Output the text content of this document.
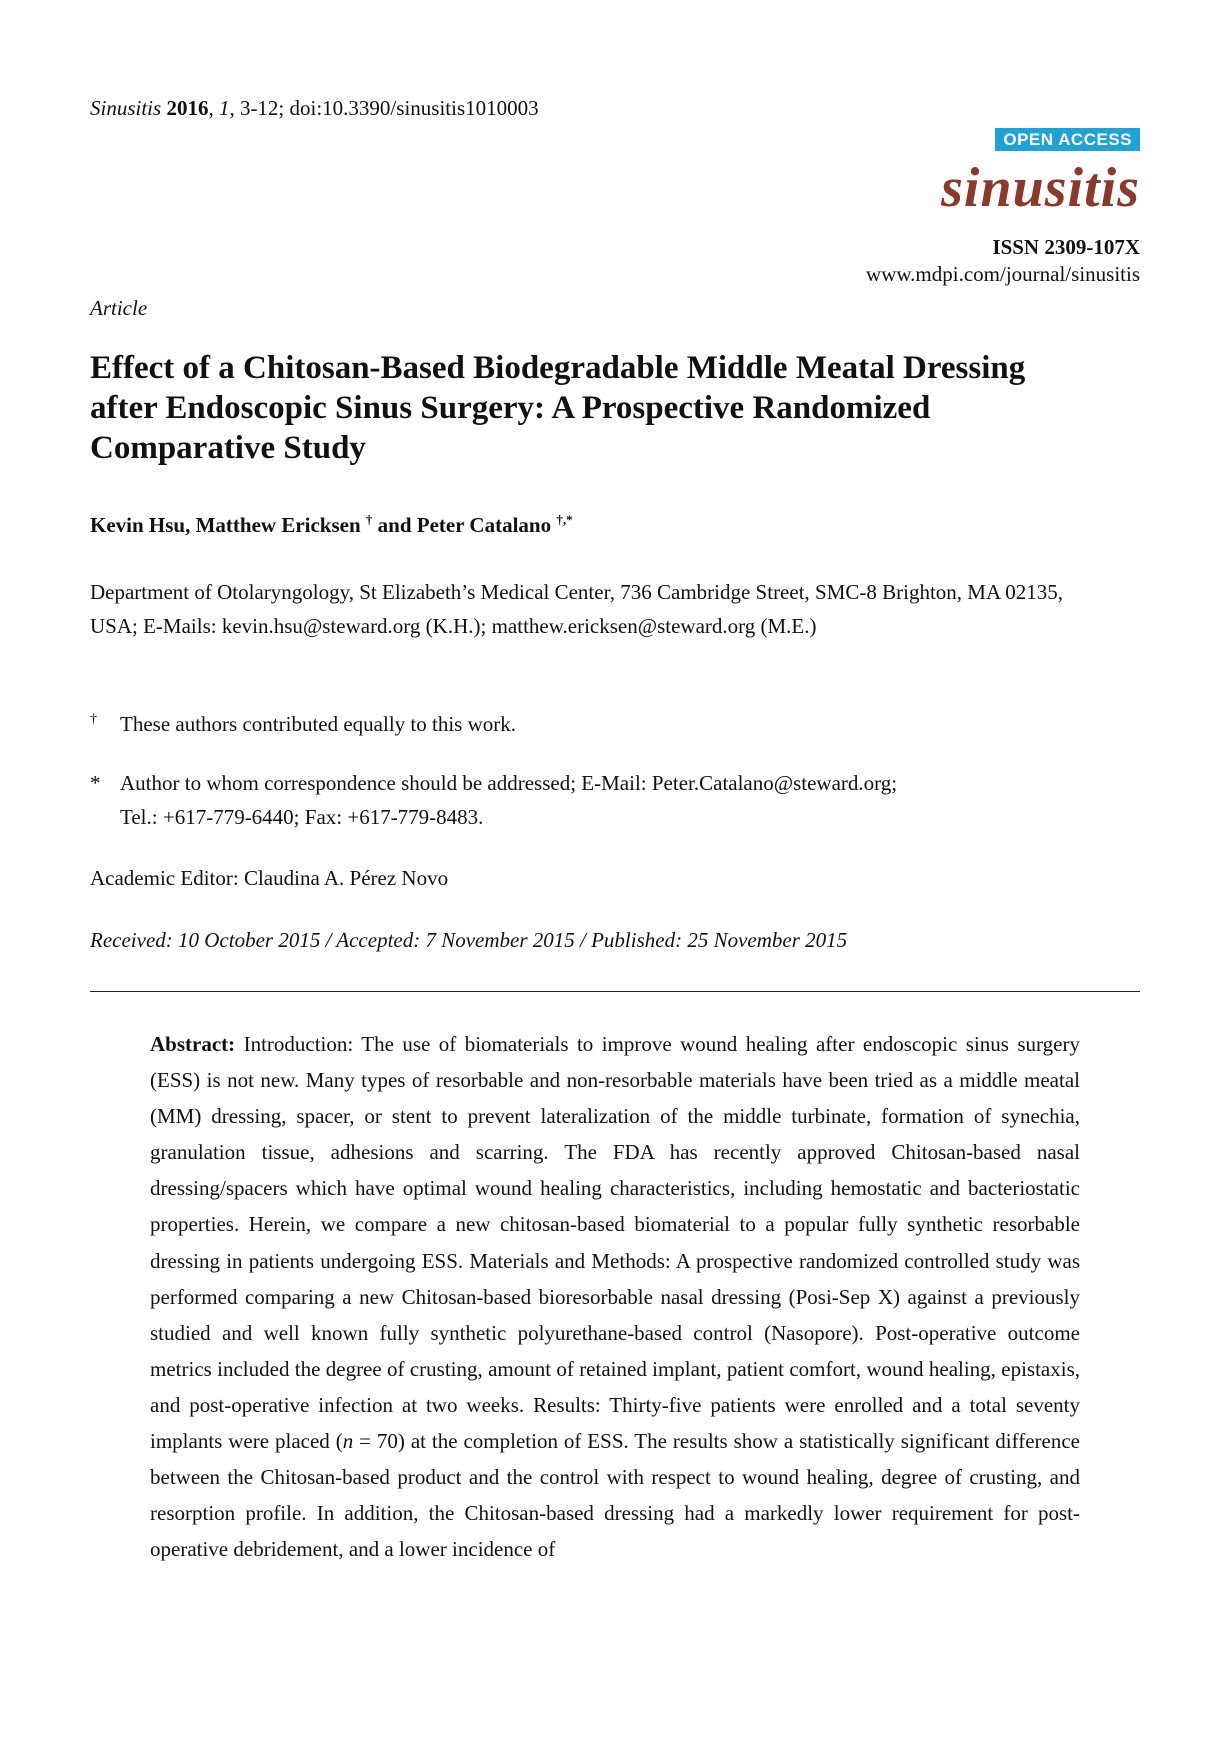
Sinusitis 2016, 1, 3-12; doi:10.3390/sinusitis1010003
OPEN ACCESS
sinusitis
ISSN 2309-107X
www.mdpi.com/journal/sinusitis
Article
Effect of a Chitosan-Based Biodegradable Middle Meatal Dressing after Endoscopic Sinus Surgery: A Prospective Randomized Comparative Study
Kevin Hsu, Matthew Ericksen † and Peter Catalano †,*
Department of Otolaryngology, St Elizabeth’s Medical Center, 736 Cambridge Street, SMC-8 Brighton, MA 02135, USA; E-Mails: kevin.hsu@steward.org (K.H.); matthew.ericksen@steward.org (M.E.)
† These authors contributed equally to this work.
* Author to whom correspondence should be addressed; E-Mail: Peter.Catalano@steward.org;
Tel.: +617-779-6440; Fax: +617-779-8483.
Academic Editor: Claudina A. Pérez Novo
Received: 10 October 2015 / Accepted: 7 November 2015 / Published: 25 November 2015

Abstract: Introduction: The use of biomaterials to improve wound healing after endoscopic sinus surgery (ESS) is not new. Many types of resorbable and non-resorbable materials have been tried as a middle meatal (MM) dressing, spacer, or stent to prevent lateralization of the middle turbinate, formation of synechia, granulation tissue, adhesions and scarring. The FDA has recently approved Chitosan-based nasal dressing/spacers which have optimal wound healing characteristics, including hemostatic and bacteriostatic properties. Herein, we compare a new chitosan-based biomaterial to a popular fully synthetic resorbable dressing in patients undergoing ESS. Materials and Methods: A prospective randomized controlled study was performed comparing a new Chitosan-based bioresorbable nasal dressing (Posi-Sep X) against a previously studied and well known fully synthetic polyurethane-based control (Nasopore). Post-operative outcome metrics included the degree of crusting, amount of retained implant, patient comfort, wound healing, epistaxis, and post-operative infection at two weeks. Results: Thirty-five patients were enrolled and a total seventy implants were placed (n = 70) at the completion of ESS. The results show a statistically significant difference between the Chitosan-based product and the control with respect to wound healing, degree of crusting, and resorption profile. In addition, the Chitosan-based dressing had a markedly lower requirement for post-operative debridement, and a lower incidence of
